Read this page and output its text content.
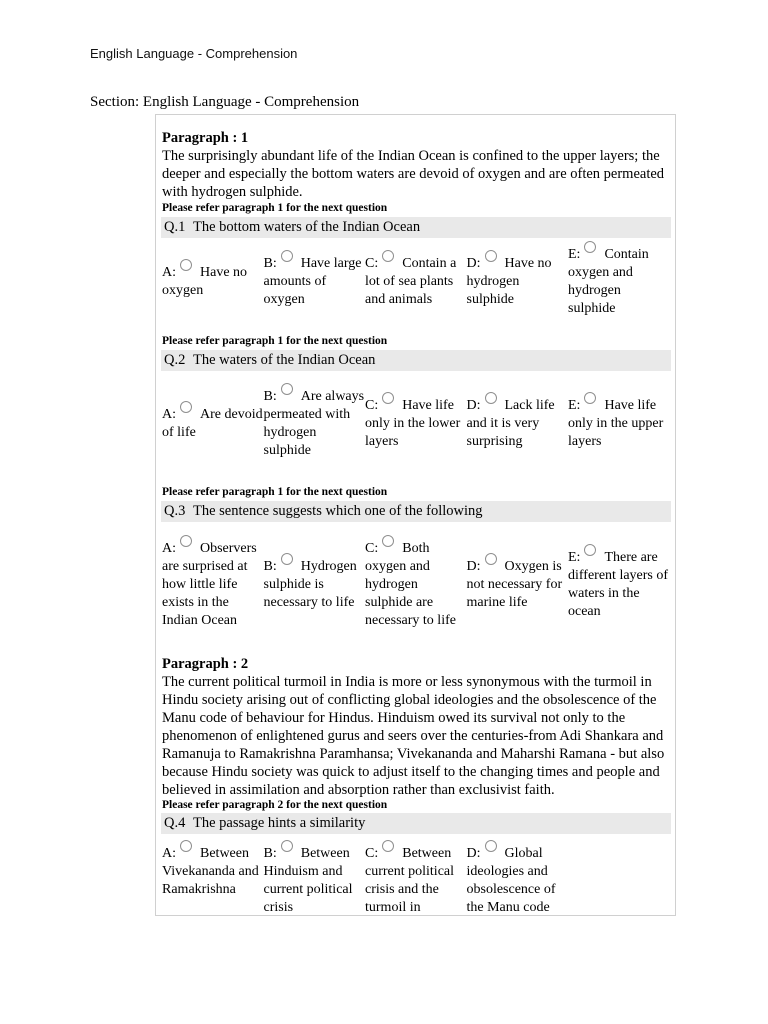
English Language - Comprehension
Section: English Language - Comprehension
Paragraph : 1
The surprisingly abundant life of the Indian Ocean is confined to the upper layers; the deeper and especially the bottom waters are devoid of oxygen and are often permeated with hydrogen sulphide.
Please refer paragraph 1 for the next question
Q.1 The bottom waters of the Indian Ocean
A: Have no oxygen
B: Have large amounts of oxygen
C: Contain a lot of sea plants and animals
D: Have no hydrogen sulphide
E: Contain oxygen and hydrogen sulphide
Please refer paragraph 1 for the next question
Q.2 The waters of the Indian Ocean
A: Are devoid of life
B: Are always permeated with hydrogen sulphide
C: Have life only in the lower layers
D: Lack life and it is very surprising
E: Have life only in the upper layers
Please refer paragraph 1 for the next question
Q.3 The sentence suggests which one of the following
A: Observers are surprised at how little life exists in the Indian Ocean
B: Hydrogen sulphide is necessary to life
C: Both oxygen and hydrogen sulphide are necessary to life
D: Oxygen is not necessary for marine life
E: There are different layers of waters in the ocean
Paragraph : 2
The current political turmoil in India is more or less synonymous with the turmoil in Hindu society arising out of conflicting global ideologies and the obsolescence of the Manu code of behaviour for Hindus. Hinduism owed its survival not only to the phenomenon of enlightened gurus and seers over the centuries-from Adi Shankara and Ramanuja to Ramakrishna Paramhansa; Vivekananda and Maharshi Ramana - but also because Hindu society was quick to adjust itself to the changing times and people and believed in assimilation and absorption rather than exclusivist faith.
Please refer paragraph 2 for the next question
Q.4 The passage hints a similarity
A: Between Vivekananda and Ramakrishna
B: Between Hinduism and current political crisis
C: Between current political crisis and the turmoil in
D: Global ideologies and obsolescence of the Manu code
